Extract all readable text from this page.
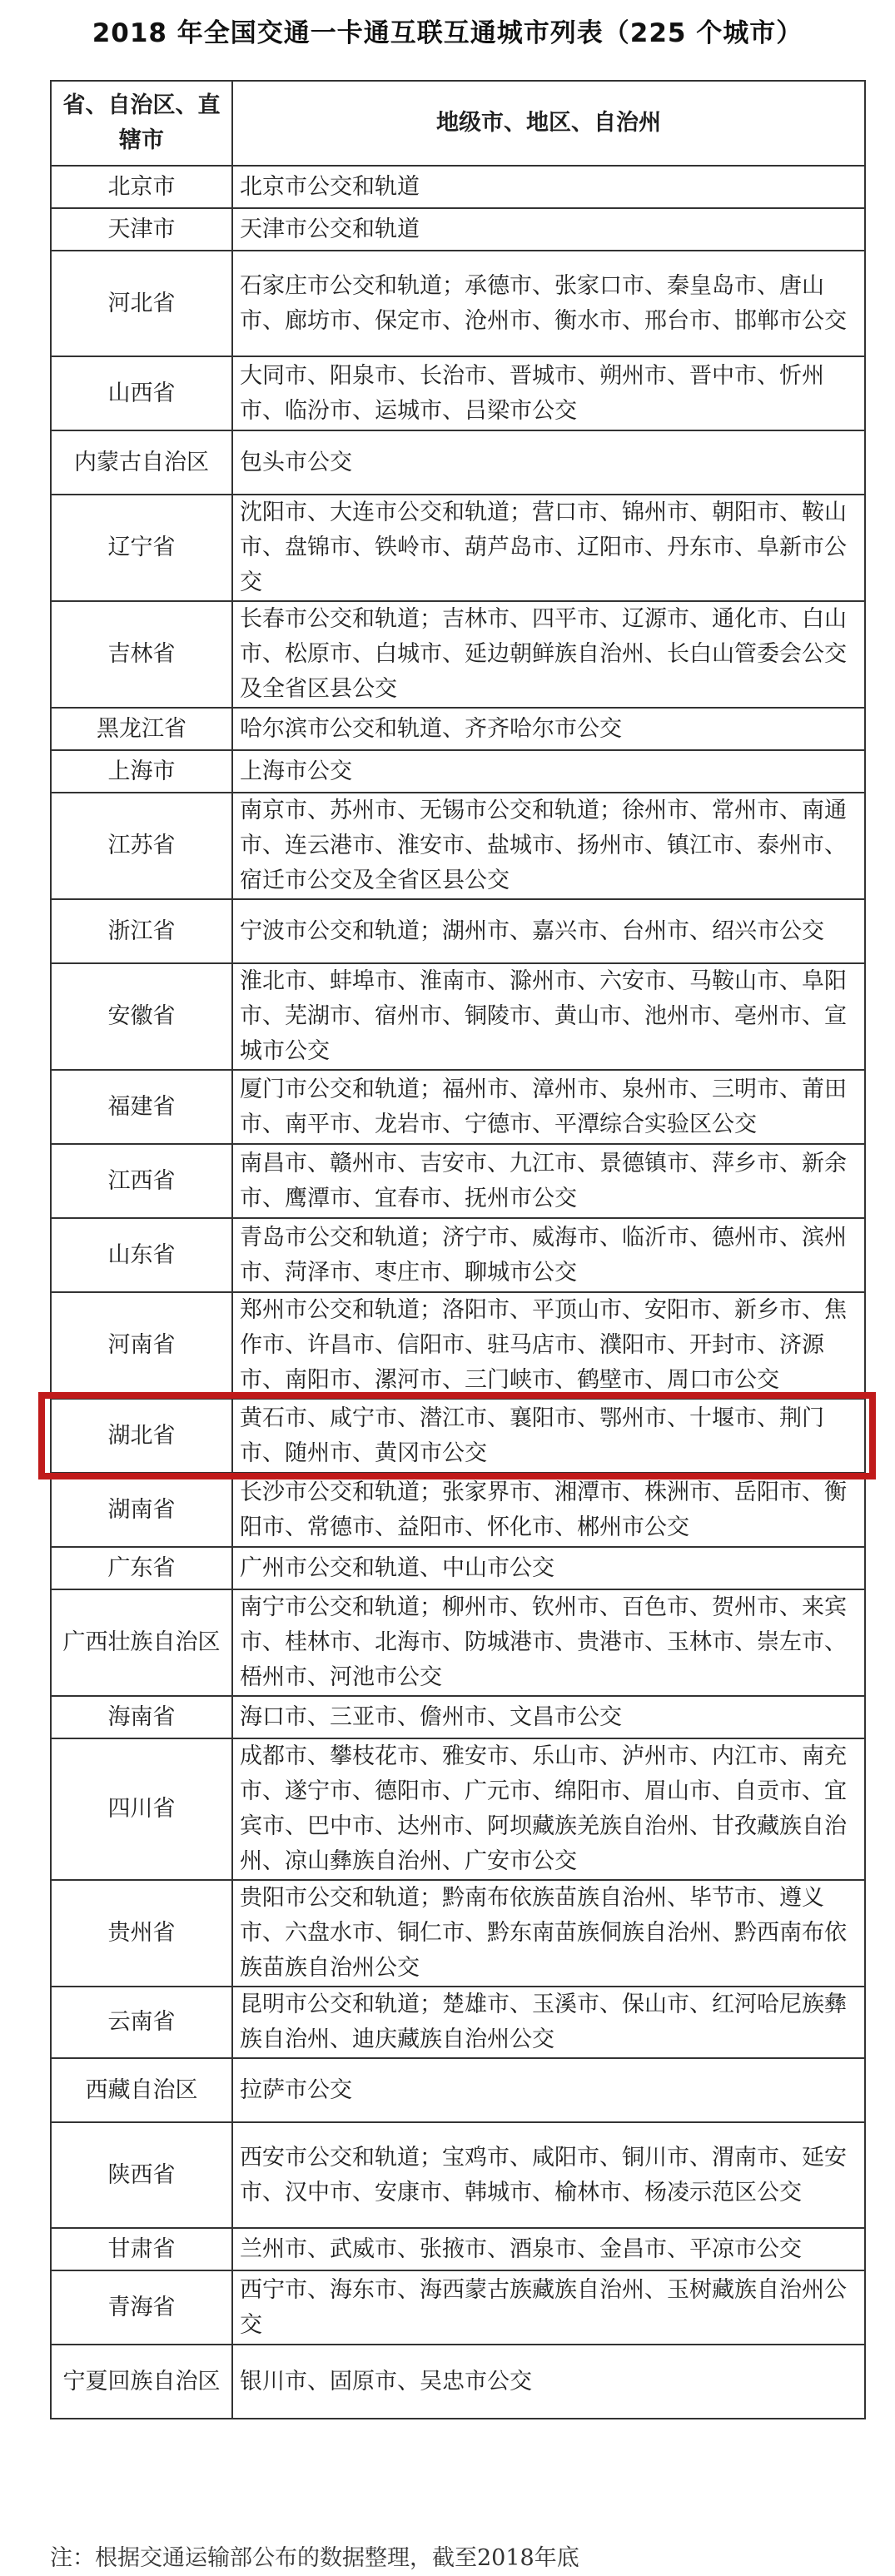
2018 年全国交通一卡通互联互通城市列表（225 个城市）
省、自治区、直辖市	地级市、地区、自治州
北京市	北京市公交和轨道
天津市	天津市公交和轨道
河北省	石家庄市公交和轨道；承德市、张家口市、秦皇岛市、唐山市、廊坊市、保定市、沧州市、衡水市、邢台市、邯郸市公交
山西省	大同市、阳泉市、长治市、晋城市、朔州市、晋中市、忻州市、临汾市、运城市、吕梁市公交
内蒙古自治区	包头市公交
辽宁省	沈阳市、大连市公交和轨道；营口市、锦州市、朝阳市、鞍山市、盘锦市、铁岭市、葫芦岛市、辽阳市、丹东市、阜新市公交
吉林省	长春市公交和轨道；吉林市、四平市、辽源市、通化市、白山市、松原市、白城市、延边朝鲜族自治州、长白山管委会公交及全省区县公交
黑龙江省	哈尔滨市公交和轨道、齐齐哈尔市公交
上海市	上海市公交
江苏省	南京市、苏州市、无锡市公交和轨道；徐州市、常州市、南通市、连云港市、淮安市、盐城市、扬州市、镇江市、泰州市、宿迁市公交及全省区县公交
浙江省	宁波市公交和轨道；湖州市、嘉兴市、台州市、绍兴市公交
安徽省	淮北市、蚌埠市、淮南市、滁州市、六安市、马鞍山市、阜阳市、芜湖市、宿州市、铜陵市、黄山市、池州市、亳州市、宣城市公交
福建省	厦门市公交和轨道；福州市、漳州市、泉州市、三明市、莆田市、南平市、龙岩市、宁德市、平潭综合实验区公交
江西省	南昌市、赣州市、吉安市、九江市、景德镇市、萍乡市、新余市、鹰潭市、宜春市、抚州市公交
山东省	青岛市公交和轨道；济宁市、威海市、临沂市、德州市、滨州市、菏泽市、枣庄市、聊城市公交
河南省	郑州市公交和轨道；洛阳市、平顶山市、安阳市、新乡市、焦作市、许昌市、信阳市、驻马店市、濮阳市、开封市、济源市、南阳市、漯河市、三门峡市、鹤壁市、周口市公交
湖北省	黄石市、咸宁市、潜江市、襄阳市、鄂州市、十堰市、荆门市、随州市、黄冈市公交
湖南省	长沙市公交和轨道；张家界市、湘潭市、株洲市、岳阳市、衡阳市、常德市、益阳市、怀化市、郴州市公交
广东省	广州市公交和轨道、中山市公交
广西壮族自治区	南宁市公交和轨道；柳州市、钦州市、百色市、贺州市、来宾市、桂林市、北海市、防城港市、贵港市、玉林市、崇左市、梧州市、河池市公交
海南省	海口市、三亚市、儋州市、文昌市公交
四川省	成都市、攀枝花市、雅安市、乐山市、泸州市、内江市、南充市、遂宁市、德阳市、广元市、绵阳市、眉山市、自贡市、宜宾市、巴中市、达州市、阿坝藏族羌族自治州、甘孜藏族自治州、凉山彝族自治州、广安市公交
贵州省	贵阳市公交和轨道；黔南布依族苗族自治州、毕节市、遵义市、六盘水市、铜仁市、黔东南苗族侗族自治州、黔西南布依族苗族自治州公交
云南省	昆明市公交和轨道；楚雄市、玉溪市、保山市、红河哈尼族彝族自治州、迪庆藏族自治州公交
西藏自治区	拉萨市公交
陕西省	西安市公交和轨道；宝鸡市、咸阳市、铜川市、渭南市、延安市、汉中市、安康市、韩城市、榆林市、杨凌示范区公交
甘肃省	兰州市、武威市、张掖市、酒泉市、金昌市、平凉市公交
青海省	西宁市、海东市、海西蒙古族藏族自治州、玉树藏族自治州公交
宁夏回族自治区	银川市、固原市、吴忠市公交
注：根据交通运输部公布的数据整理，截至2018年底
